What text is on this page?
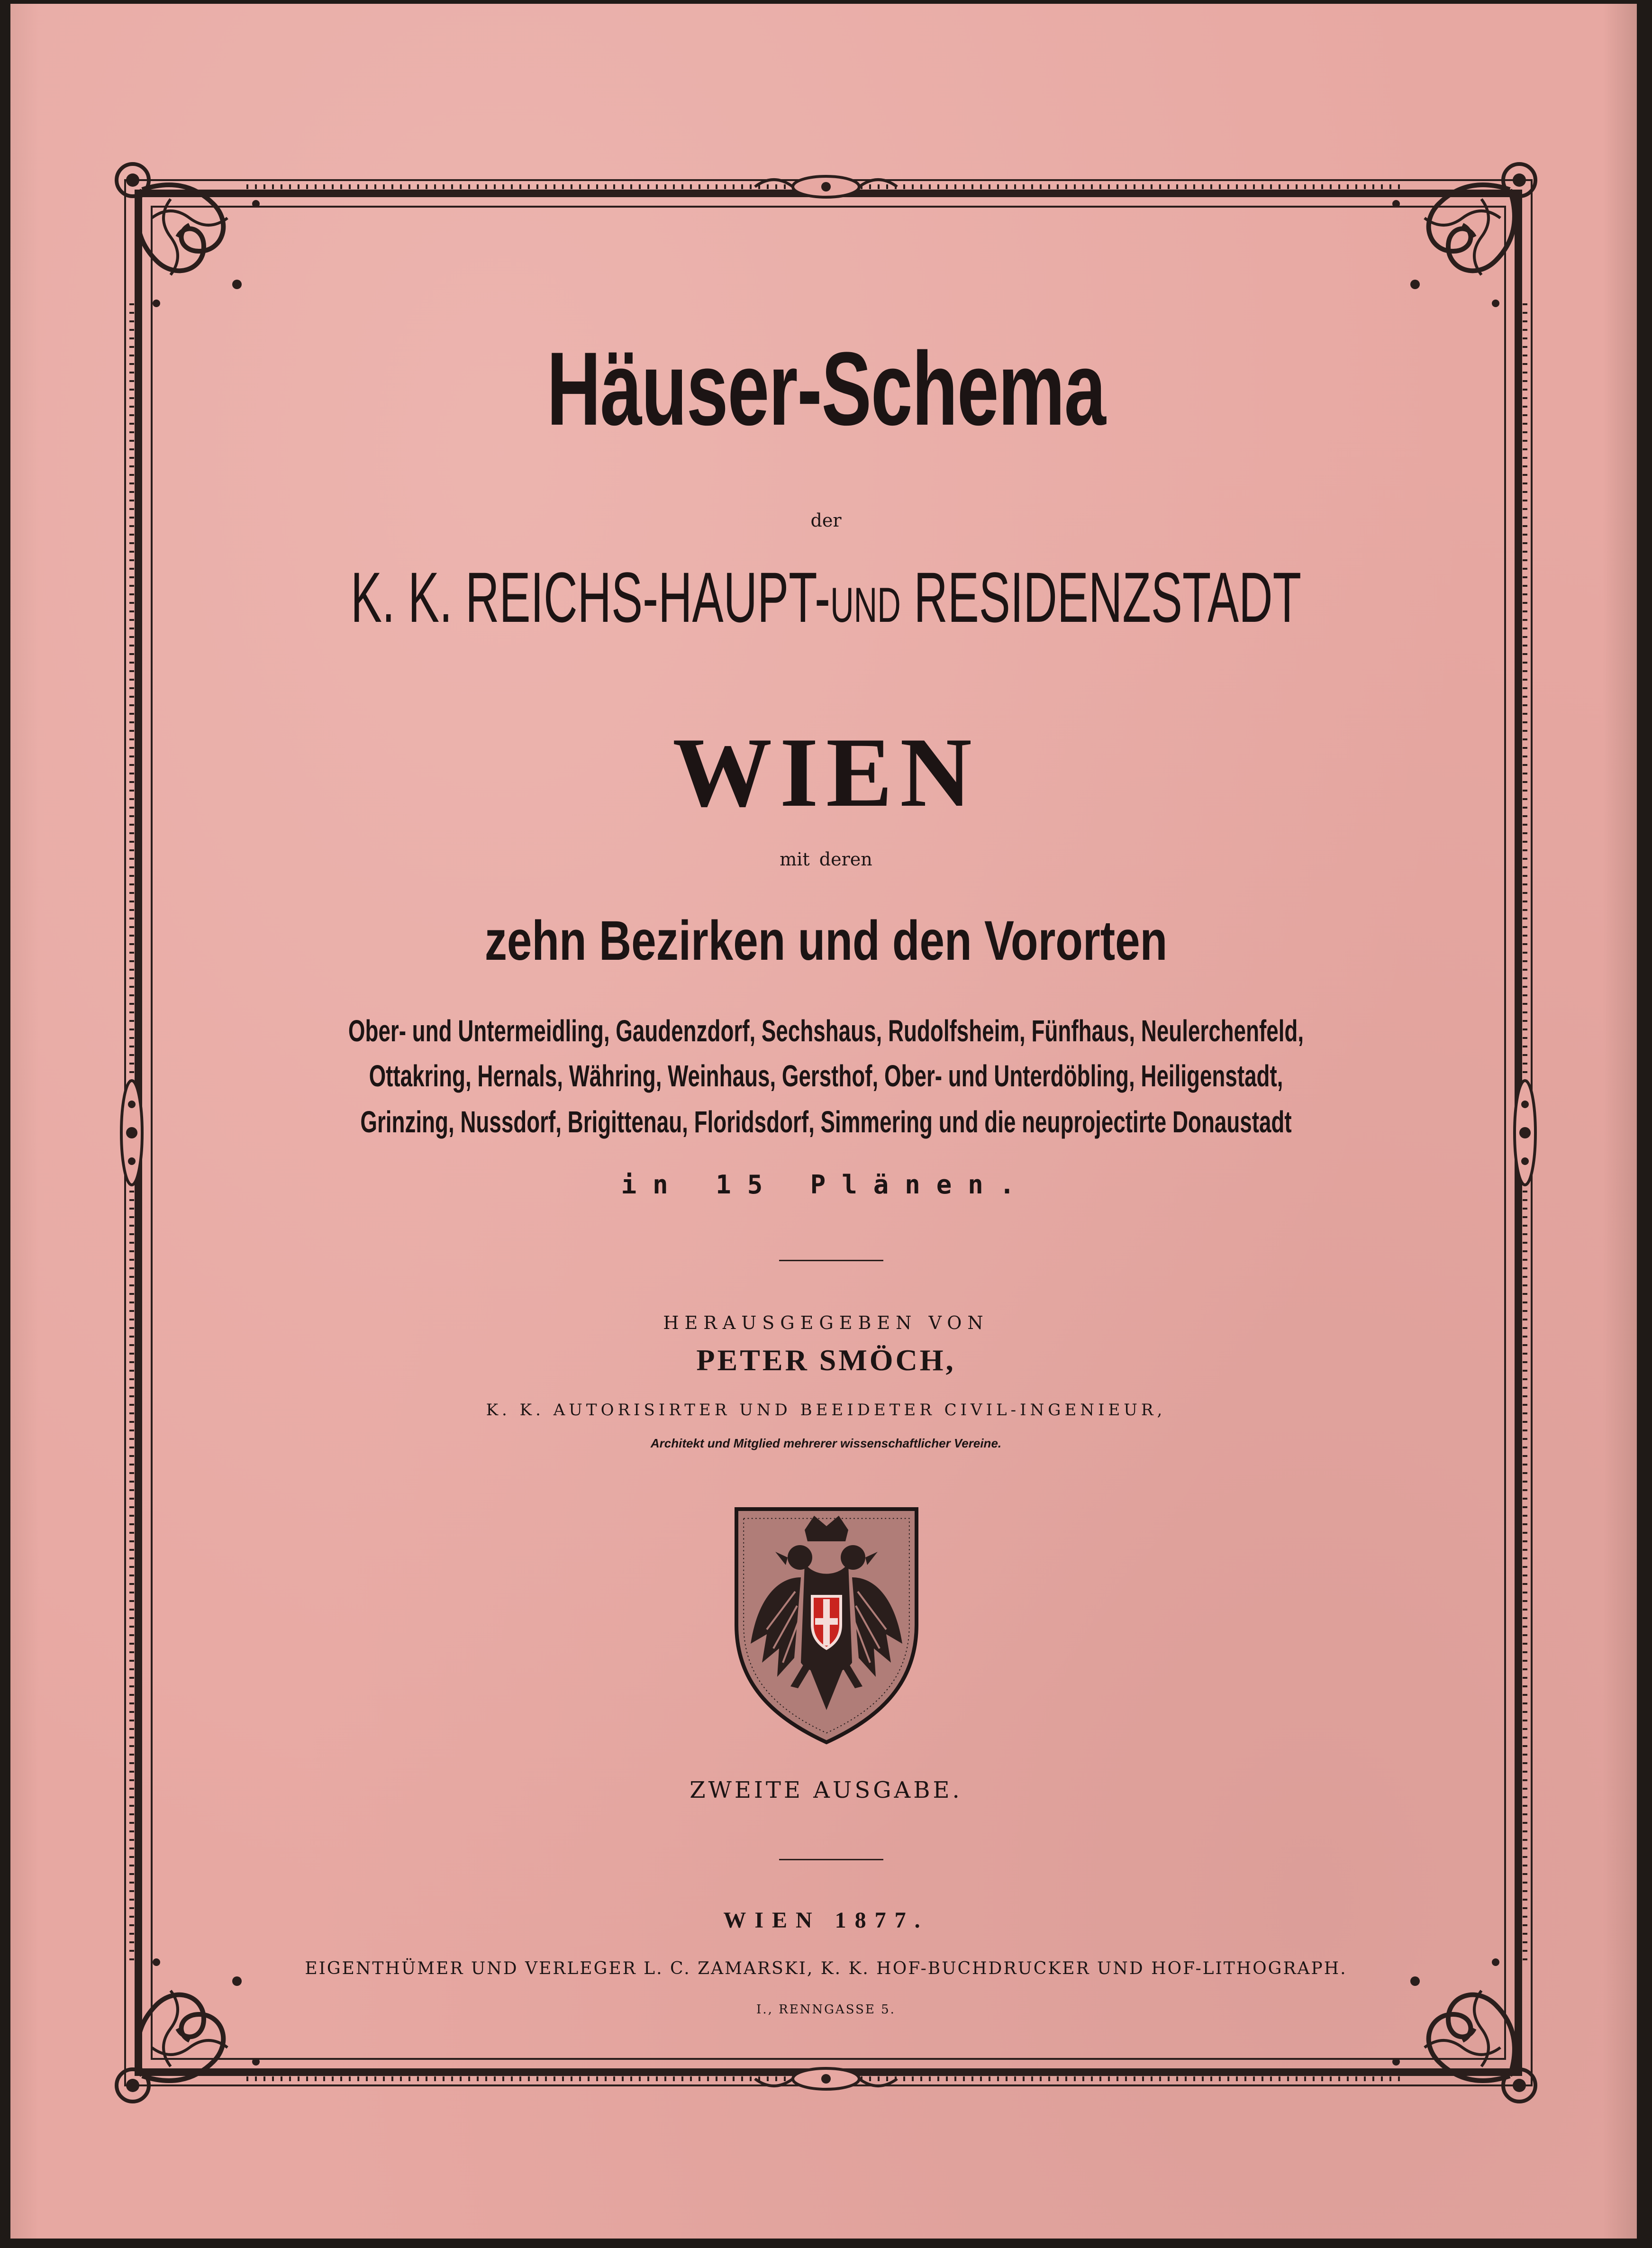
Häuser-Schema

der

K. K. REICHS-HAUPT-UND RESIDENZSTADT

WIEN

mit deren

zehn Bezirken und den Vororten

Ober- und Untermeidling, Gaudenzdorf, Sechshaus, Rudolfsheim, Fünfhaus, Neulerchenfeld,

Ottakring, Hernals, Währing, Weinhaus, Gersthof, Ober- und Unterdöbling, Heiligenstadt,

Grinzing, Nussdorf, Brigittenau, Floridsdorf, Simmering und die neuprojectirte Donaustadt

in 15 Plänen.

HERAUSGEGEBEN VON

PETER SMÖCH,

K. K. AUTORISIRTER UND BEEIDETER CIVIL-INGENIEUR,

Architekt und Mitglied mehrerer wissenschaftlicher Vereine.

ZWEITE AUSGABE.

WIEN 1877.

EIGENTHÜMER UND VERLEGER L. C. ZAMARSKI, K. K. HOF-BUCHDRUCKER UND HOF-LITHOGRAPH.

I., RENNGASSE 5.
